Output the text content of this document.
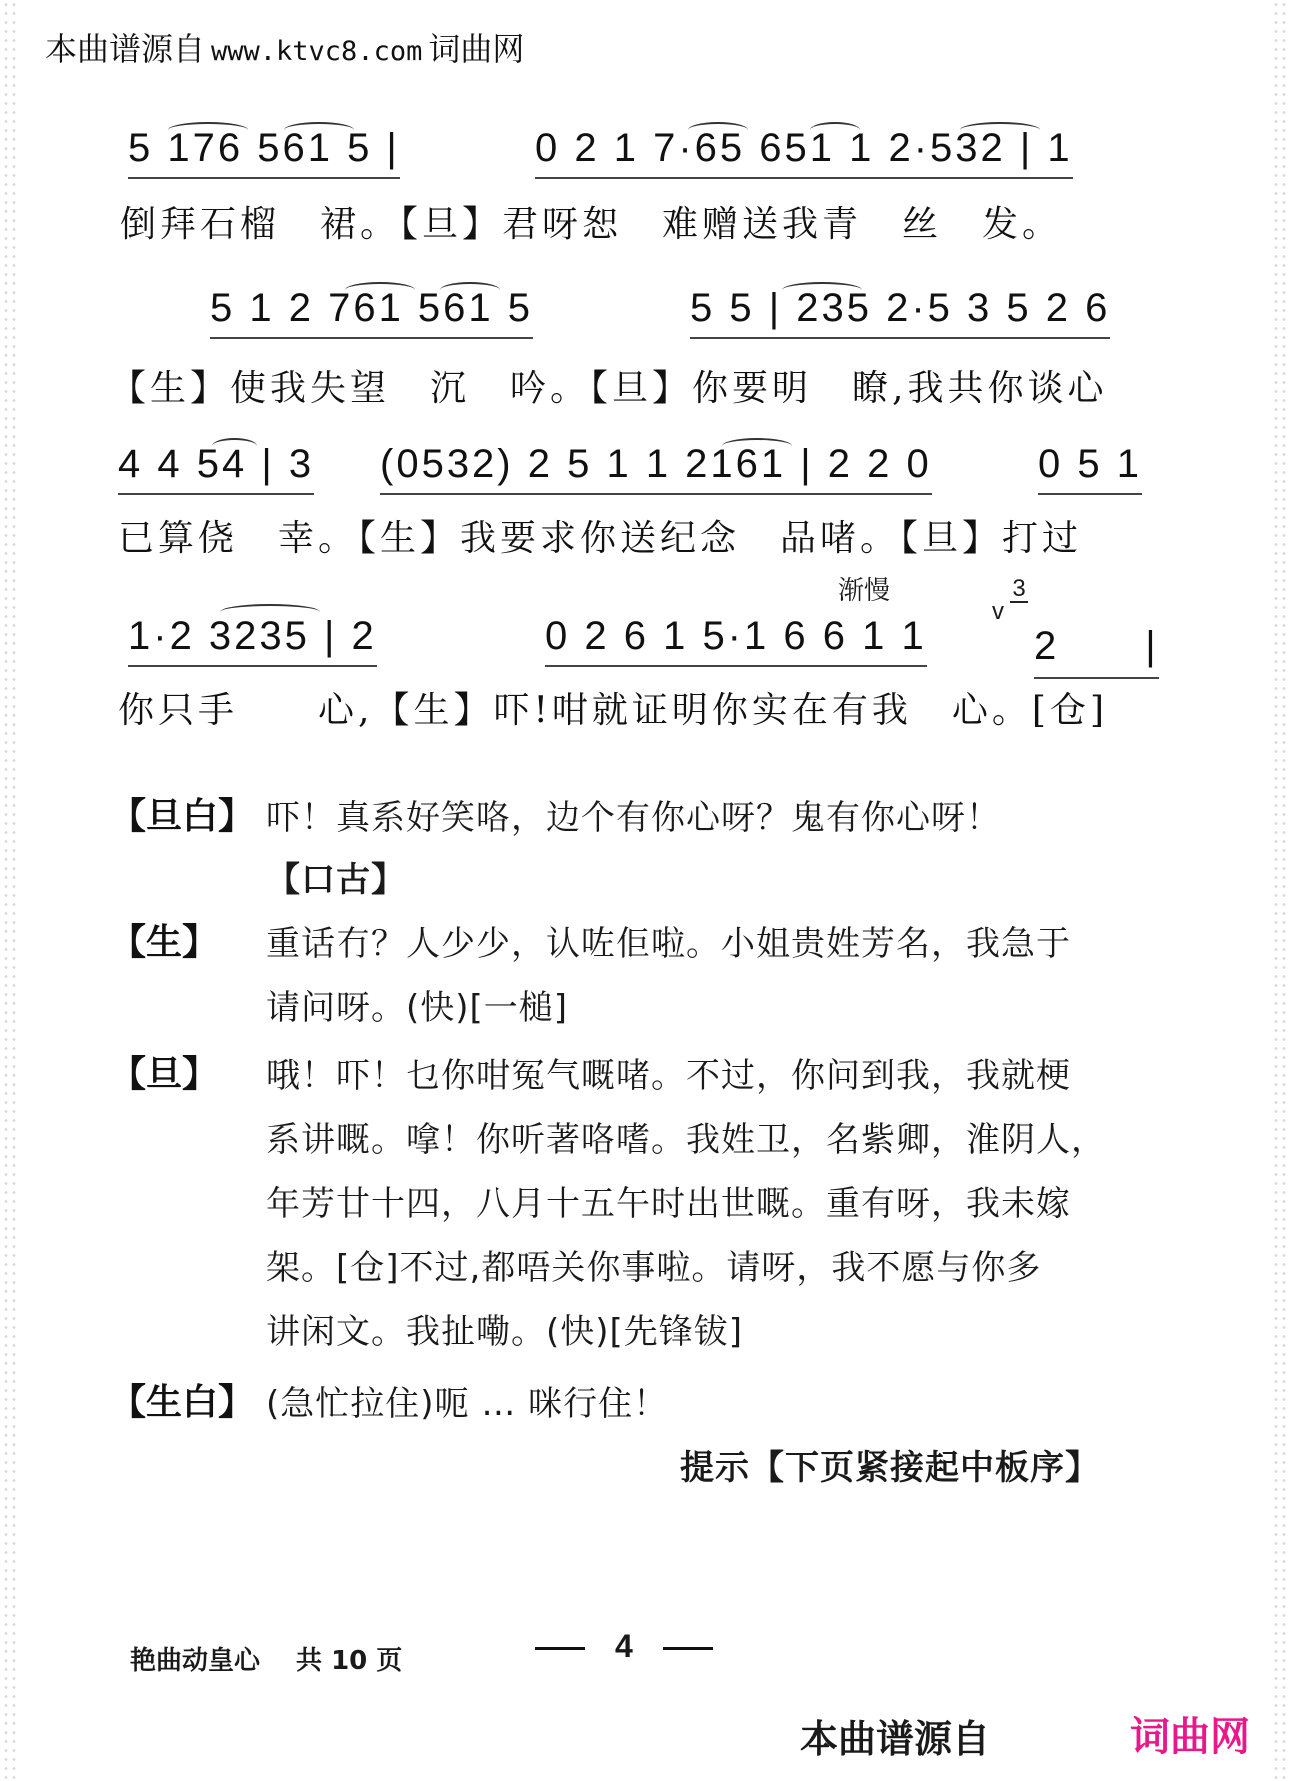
本曲谱源自 www.ktvc8.com 词曲网
5 176 561 5 |	0 2 1 7·65 651 1 2·532 | 1
倒拜石榴　裙。【旦】君呀恕　难赠送我青　丝　发。
5 1 2 761 561 5	5 5 | 235 2·5 3 5 2 6
【生】使我失望　沉　吟。【旦】你要明　瞭,我共你谈心
4 4 54 | 3 (0532) 2 5 1 1 2161 | 2 2 0	0 5 1
已算侥　幸。【生】我要求你送纪念　品啫。【旦】打过
渐慢
1·2 3235 | 2	0 2 6 1 5·1 6 6 1 1	2　　|
v
3
你只手　　心,【生】吓!咁就证明你实在有我　心。[仓]
【旦白】 吓！真系好笑咯，边个有你心呀？鬼有你心呀！
【口古】
【生】 重话冇？人少少，认咗佢啦。小姐贵姓芳名，我急于
请问呀。(快)[一槌]
【旦】 哦！吓！乜你咁冤气嘅啫。不过，你问到我，我就梗
系讲嘅。嗱！你听著咯嗜。我姓卫，名紫卿，淮阴人，
年芳廿十四，八月十五午时出世嘅。重有呀，我未嫁
架。[仓]不过,都唔关你事啦。请呀，我不愿与你多
讲闲文。我扯嘞。(快)[先锋钹]
【生白】 (急忙拉住)呃 … 咪行住！
提示【下页紧接起中板序】
艳曲动皇心 共 10 页	4
本曲谱源自	词曲网
